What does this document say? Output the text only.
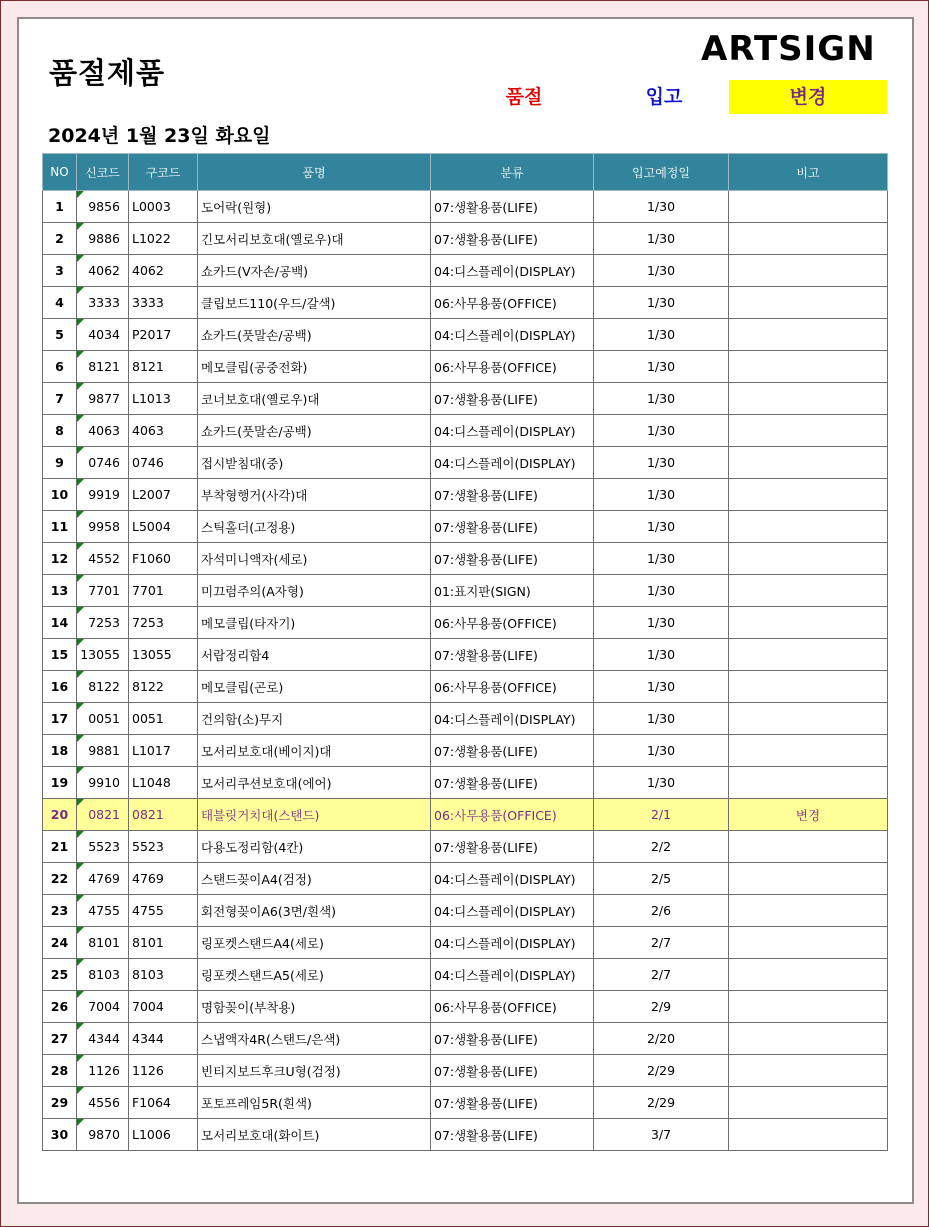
품절제품
ARTSIGN
품절	입고	변경
2024년 1월 23일 화요일
NO	신코드	구코드	품명	분류	입고예정일	비고
1	9856	L0003	도어락(원형)	07:생활용품(LIFE)	1/30	
2	9886	L1022	긴모서리보호대(옐로우)대	07:생활용품(LIFE)	1/30	
3	4062	4062	쇼카드(V자손/공백)	04:디스플레이(DISPLAY)	1/30	
4	3333	3333	클립보드110(우드/갈색)	06:사무용품(OFFICE)	1/30	
5	4034	P2017	쇼카드(풋말손/공백)	04:디스플레이(DISPLAY)	1/30	
6	8121	8121	메모클립(공중전화)	06:사무용품(OFFICE)	1/30	
7	9877	L1013	코너보호대(옐로우)대	07:생활용품(LIFE)	1/30	
8	4063	4063	쇼카드(풋말손/공백)	04:디스플레이(DISPLAY)	1/30	
9	0746	0746	접시받침대(중)	04:디스플레이(DISPLAY)	1/30	
10	9919	L2007	부착형행거(사각)대	07:생활용품(LIFE)	1/30	
11	9958	L5004	스틱홀더(고정용)	07:생활용품(LIFE)	1/30	
12	4552	F1060	자석미니액자(세로)	07:생활용품(LIFE)	1/30	
13	7701	7701	미끄럼주의(A자형)	01:표지판(SIGN)	1/30	
14	7253	7253	메모클립(타자기)	06:사무용품(OFFICE)	1/30	
15	13055	13055	서랍정리함4	07:생활용품(LIFE)	1/30	
16	8122	8122	메모클립(곤로)	06:사무용품(OFFICE)	1/30	
17	0051	0051	건의함(소)무지	04:디스플레이(DISPLAY)	1/30	
18	9881	L1017	모서리보호대(베이지)대	07:생활용품(LIFE)	1/30	
19	9910	L1048	모서리쿠션보호대(에어)	07:생활용품(LIFE)	1/30	
20	0821	0821	태블릿거치대(스탠드)	06:사무용품(OFFICE)	2/1	변경
21	5523	5523	다용도정리함(4칸)	07:생활용품(LIFE)	2/2	
22	4769	4769	스탠드꽂이A4(검정)	04:디스플레이(DISPLAY)	2/5	
23	4755	4755	회전형꽂이A6(3면/흰색)	04:디스플레이(DISPLAY)	2/6	
24	8101	8101	링포켓스탠드A4(세로)	04:디스플레이(DISPLAY)	2/7	
25	8103	8103	링포켓스탠드A5(세로)	04:디스플레이(DISPLAY)	2/7	
26	7004	7004	명함꽂이(부착용)	06:사무용품(OFFICE)	2/9	
27	4344	4344	스냅액자4R(스탠드/은색)	07:생활용품(LIFE)	2/20	
28	1126	1126	빈티지보드후크U형(검정)	07:생활용품(LIFE)	2/29	
29	4556	F1064	포토프레임5R(흰색)	07:생활용품(LIFE)	2/29	
30	9870	L1006	모서리보호대(화이트)	07:생활용품(LIFE)	3/7	
